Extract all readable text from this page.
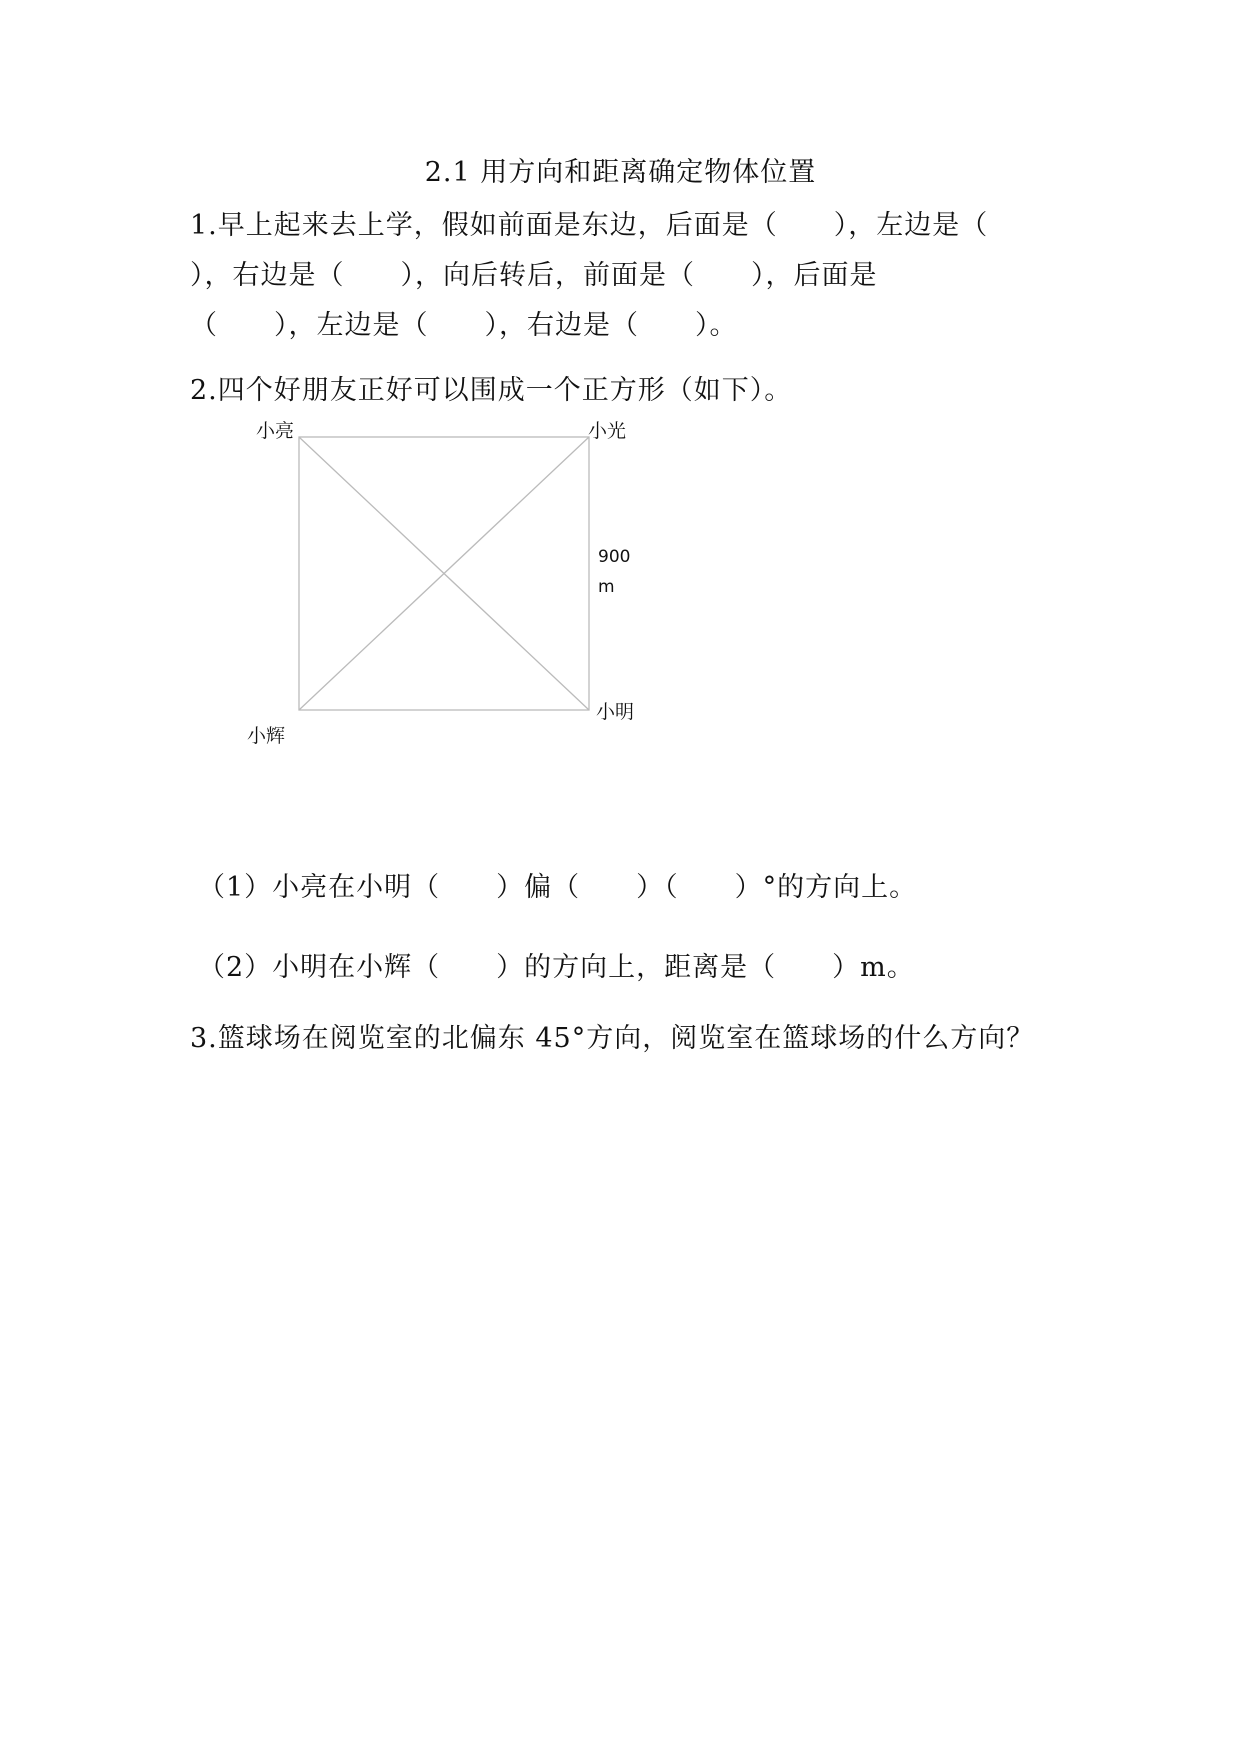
2.1 用方向和距离确定物体位置
1.早上起来去上学，假如前面是东边，后面是（　　），左边是（
），右边是（　　），向后转后，前面是（　　），后面是
（　　），左边是（　　），右边是（　　）。
2.四个好朋友正好可以围成一个正方形（如下）。
小亮	小光
小明
小辉
900
m
（1）小亮在小明（　　）偏（　　）（　　）°的方向上。
（2）小明在小辉（　　）的方向上，距离是（　　）m。
3.篮球场在阅览室的北偏东 45°方向，阅览室在篮球场的什么方向？
